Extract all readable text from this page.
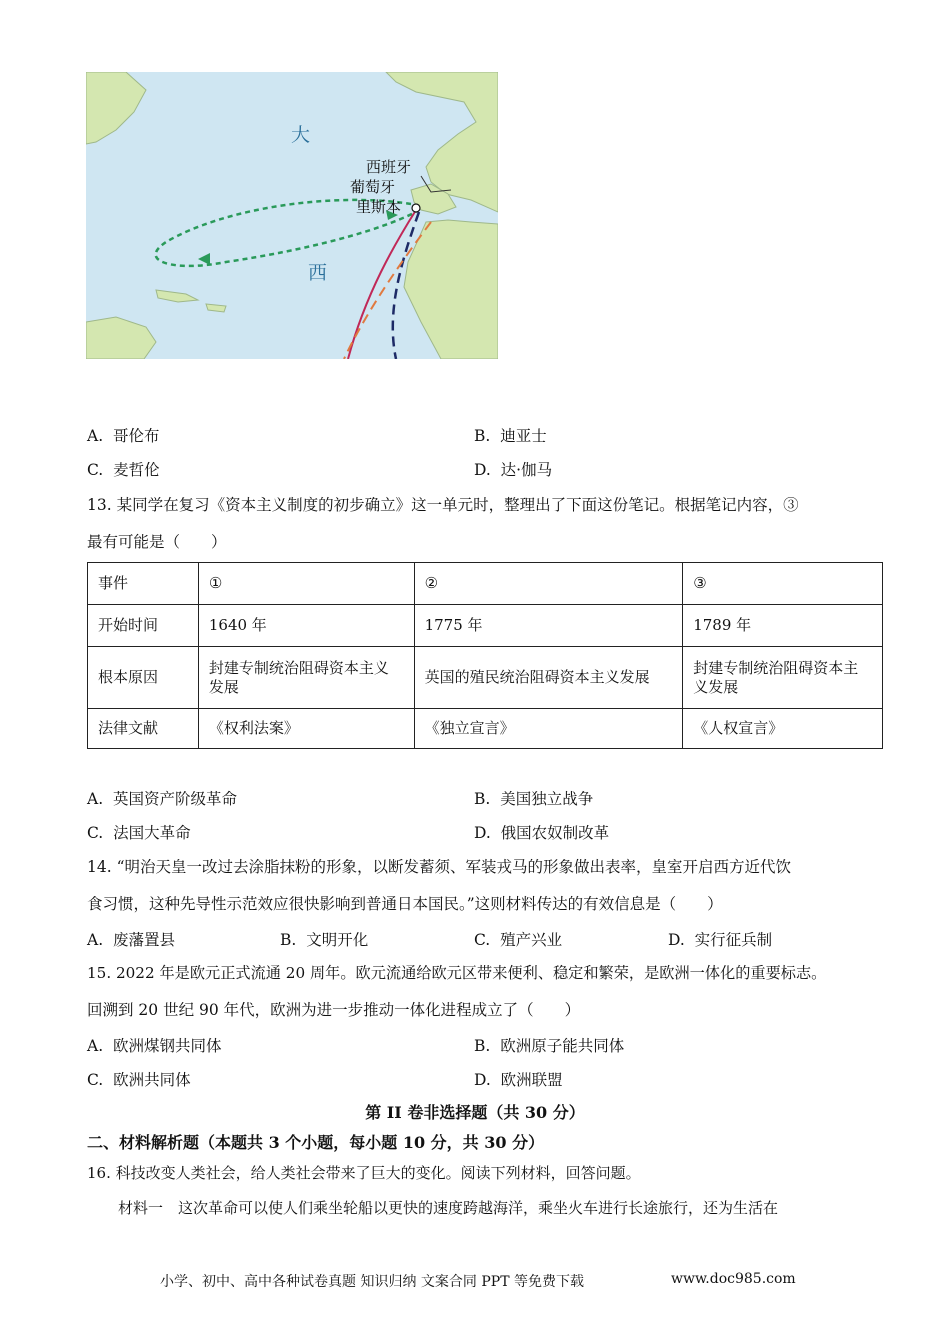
西班牙
葡萄牙
里斯本
大
西
A. 哥伦布	B. 迪亚士
C. 麦哲伦	D. 达·伽马
13. 某同学在复习《资本主义制度的初步确立》这一单元时，整理出了下面这份笔记。根据笔记内容，③
最有可能是（　　）
事件	①	②	③
开始时间	1640 年	1775 年	1789 年
根本原因	封建专制统治阻碍资本主义发展	英国的殖民统治阻碍资本主义发展	封建专制统治阻碍资本主义发展
法律文献	《权利法案》	《独立宣言》	《人权宣言》
A. 英国资产阶级革命	B. 美国独立战争
C. 法国大革命	D. 俄国农奴制改革
14. “明治天皇一改过去涂脂抹粉的形象，以断发蓄须、军装戎马的形象做出表率，皇室开启西方近代饮
食习惯，这种先导性示范效应很快影响到普通日本国民。”这则材料传达的有效信息是（　　）
A. 废藩置县	B. 文明开化	C. 殖产兴业	D. 实行征兵制
15. 2022 年是欧元正式流通 20 周年。欧元流通给欧元区带来便利、稳定和繁荣，是欧洲一体化的重要标志。
回溯到 20 世纪 90 年代，欧洲为进一步推动一体化进程成立了（　　）
A. 欧洲煤钢共同体	B. 欧洲原子能共同体
C. 欧洲共同体	D. 欧洲联盟
第 II 卷非选择题（共 30 分）
二、材料解析题（本题共 3 个小题，每小题 10 分，共 30 分）
16. 科技改变人类社会，给人类社会带来了巨大的变化。阅读下列材料，回答问题。
材料一　这次革命可以使人们乘坐轮船以更快的速度跨越海洋，乘坐火车进行长途旅行，还为生活在
小学、初中、高中各种试卷真题 知识归纳 文案合同 PPT 等免费下载	www.doc985.com
